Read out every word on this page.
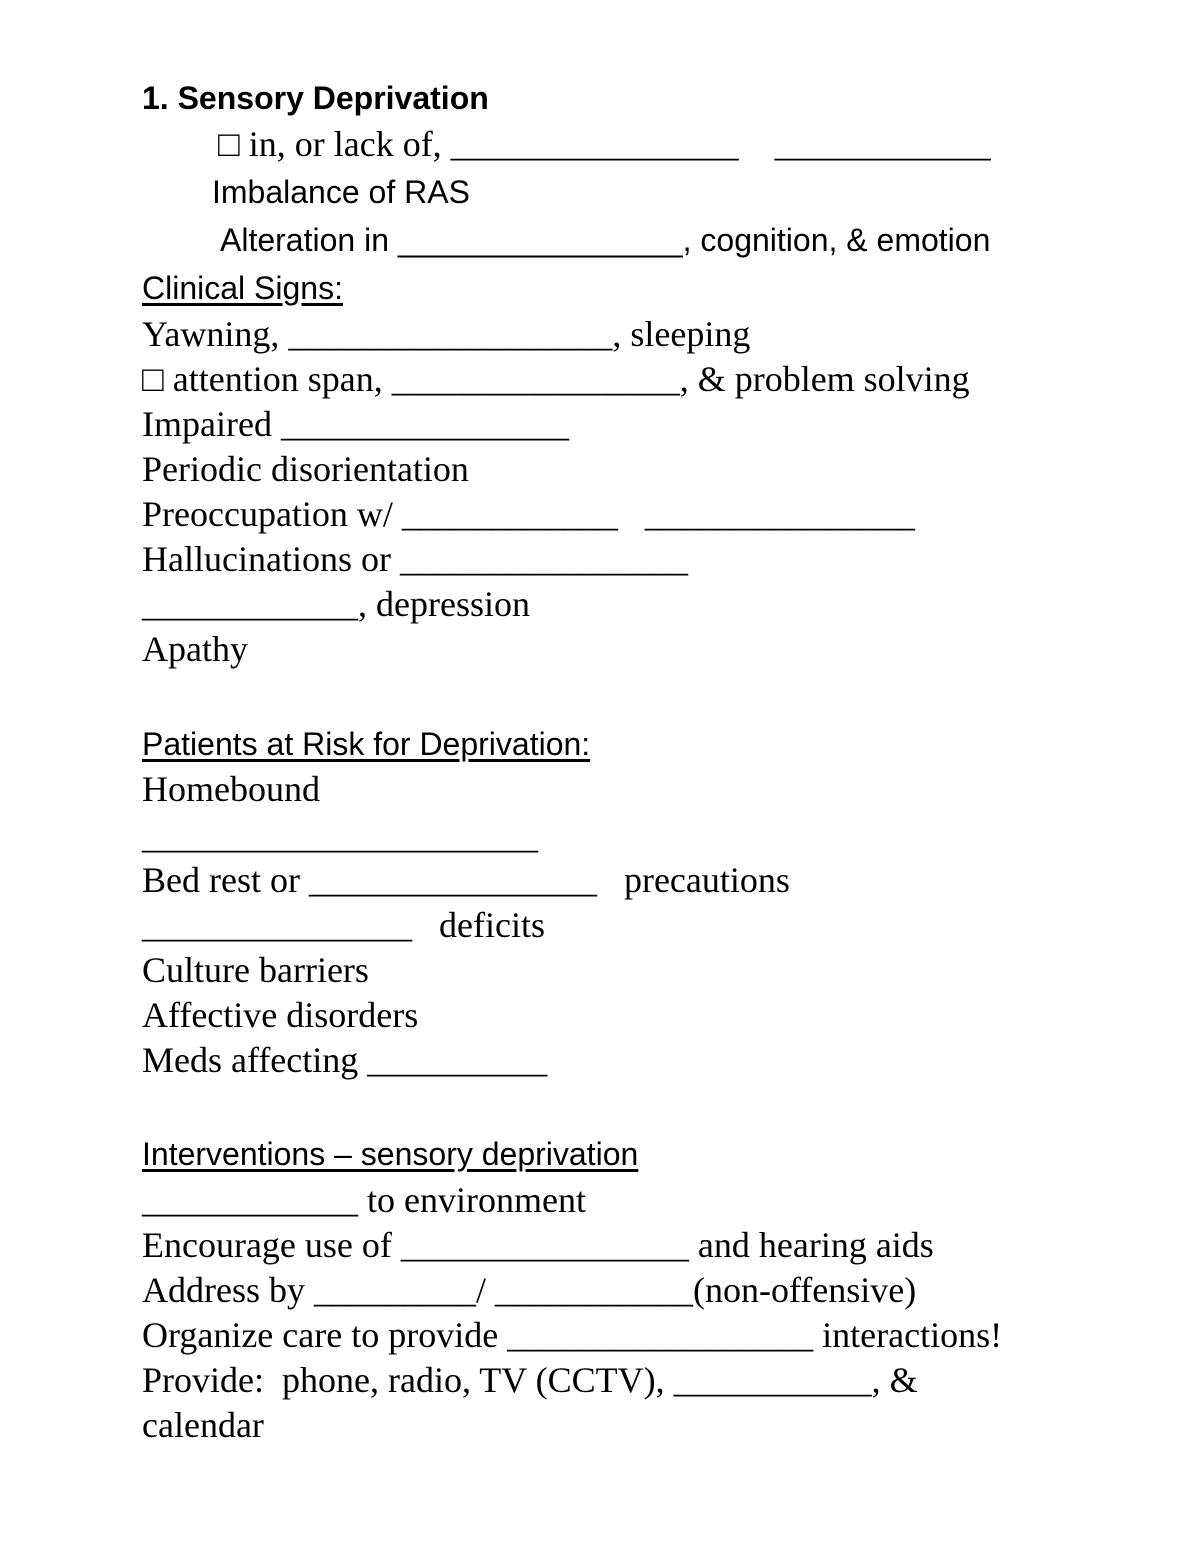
1. Sensory Deprivation
□ in, or lack of, ________________    ____________
Imbalance of RAS
Alteration in ________________, cognition, & emotion
Clinical Signs:
Yawning, __________________, sleeping
□ attention span, ________________, & problem solving
Impaired ________________
Periodic disorientation
Preoccupation w/ ____________   _______________
Hallucinations or ________________
____________, depression
Apathy
Patients at Risk for Deprivation:
Homebound
______________________
Bed rest or ________________   precautions
_______________   deficits
Culture barriers
Affective disorders
Meds affecting __________
Interventions – sensory deprivation
____________ to environment
Encourage use of ________________ and hearing aids
Address by _________/ ___________(non-offensive)
Organize care to provide _________________ interactions!
Provide:  phone, radio, TV (CCTV), ___________, &
calendar
